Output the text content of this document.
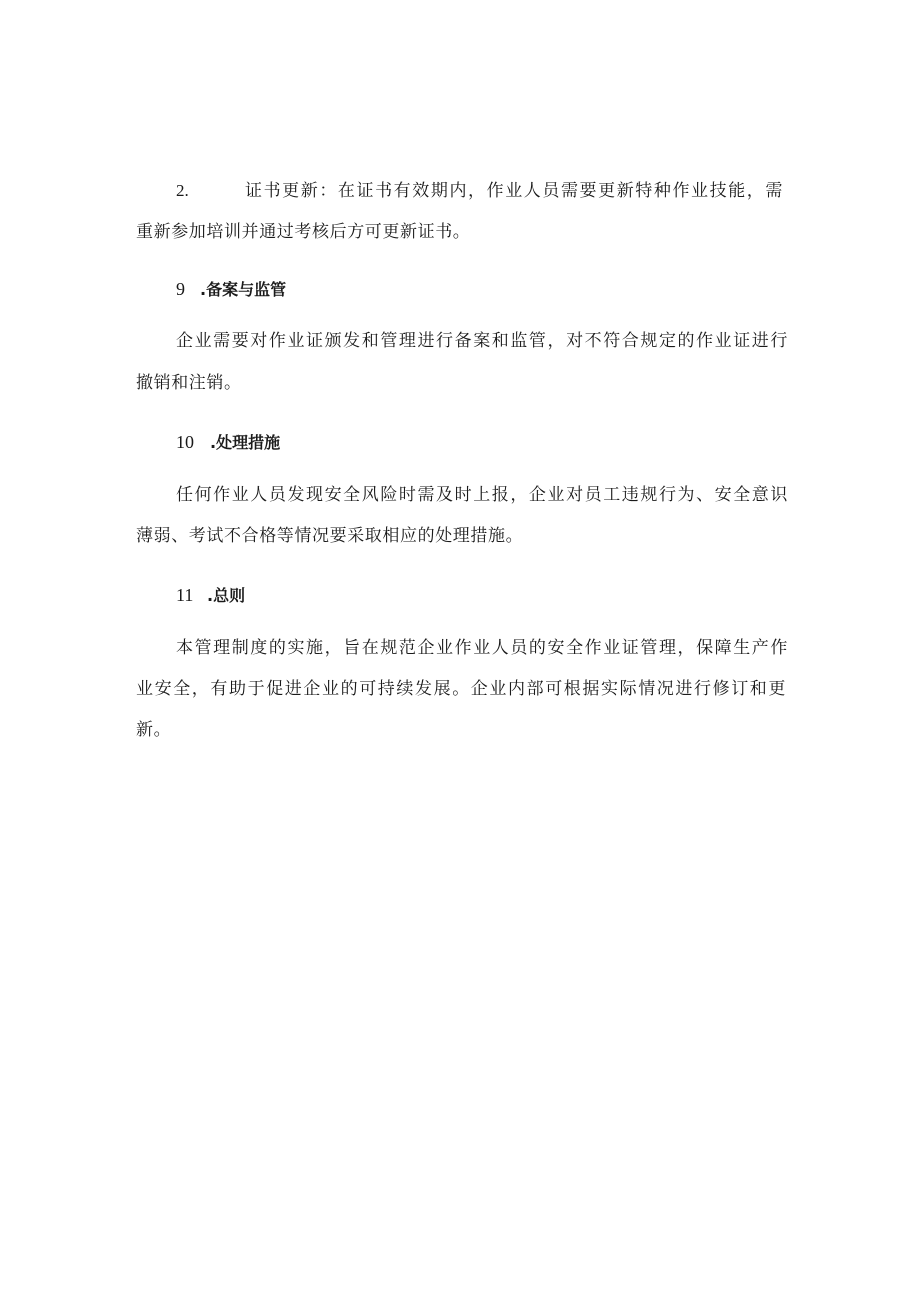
2.	证书更新：在证书有效期内，作业人员需要更新特种作业技能，需
重新参加培训并通过考核后方可更新证书。
9 .备案与监管
企业需要对作业证颁发和管理进行备案和监管，对不符合规定的作业证进行
撤销和注销。
10 .处理措施
任何作业人员发现安全风险时需及时上报，企业对员工违规行为、安全意识
薄弱、考试不合格等情况要采取相应的处理措施。
11 .总则
本管理制度的实施，旨在规范企业作业人员的安全作业证管理，保障生产作
业安全，有助于促进企业的可持续发展。企业内部可根据实际情况进行修订和更
新。
